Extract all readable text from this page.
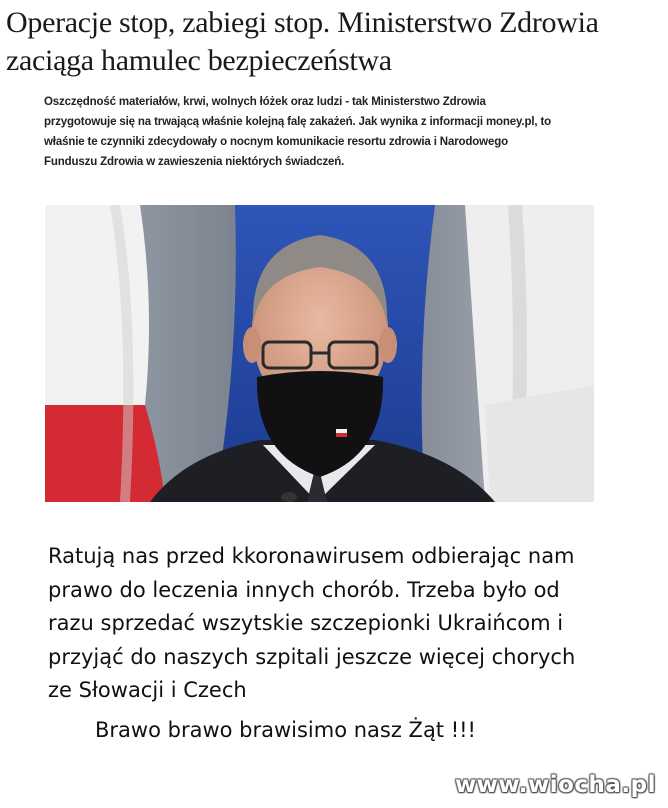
Operacje stop, zabiegi stop. Ministerstwo Zdrowia
zaciąga hamulec bezpieczeństwa
Oszczędność materiałów, krwi, wolnych łóżek oraz ludzi - tak Ministerstwo Zdrowia
przygotowuje się na trwającą właśnie kolejną falę zakażeń. Jak wynika z informacji money.pl, to
właśnie te czynniki zdecydowały o nocnym komunikacie resortu zdrowia i Narodowego
Funduszu Zdrowia w zawieszenia niektórych świadczeń.
Ratują nas przed kkoronawirusem odbierając nam
prawo do leczenia innych chorób. Trzeba było od
razu sprzedać wszytskie szczepionki Ukraińcom i
przyjąć do naszych szpitali jeszcze więcej chorych
ze Słowacji i Czech
Brawo brawo brawisimo nasz Żąt !!!
www.wiocha.pl
